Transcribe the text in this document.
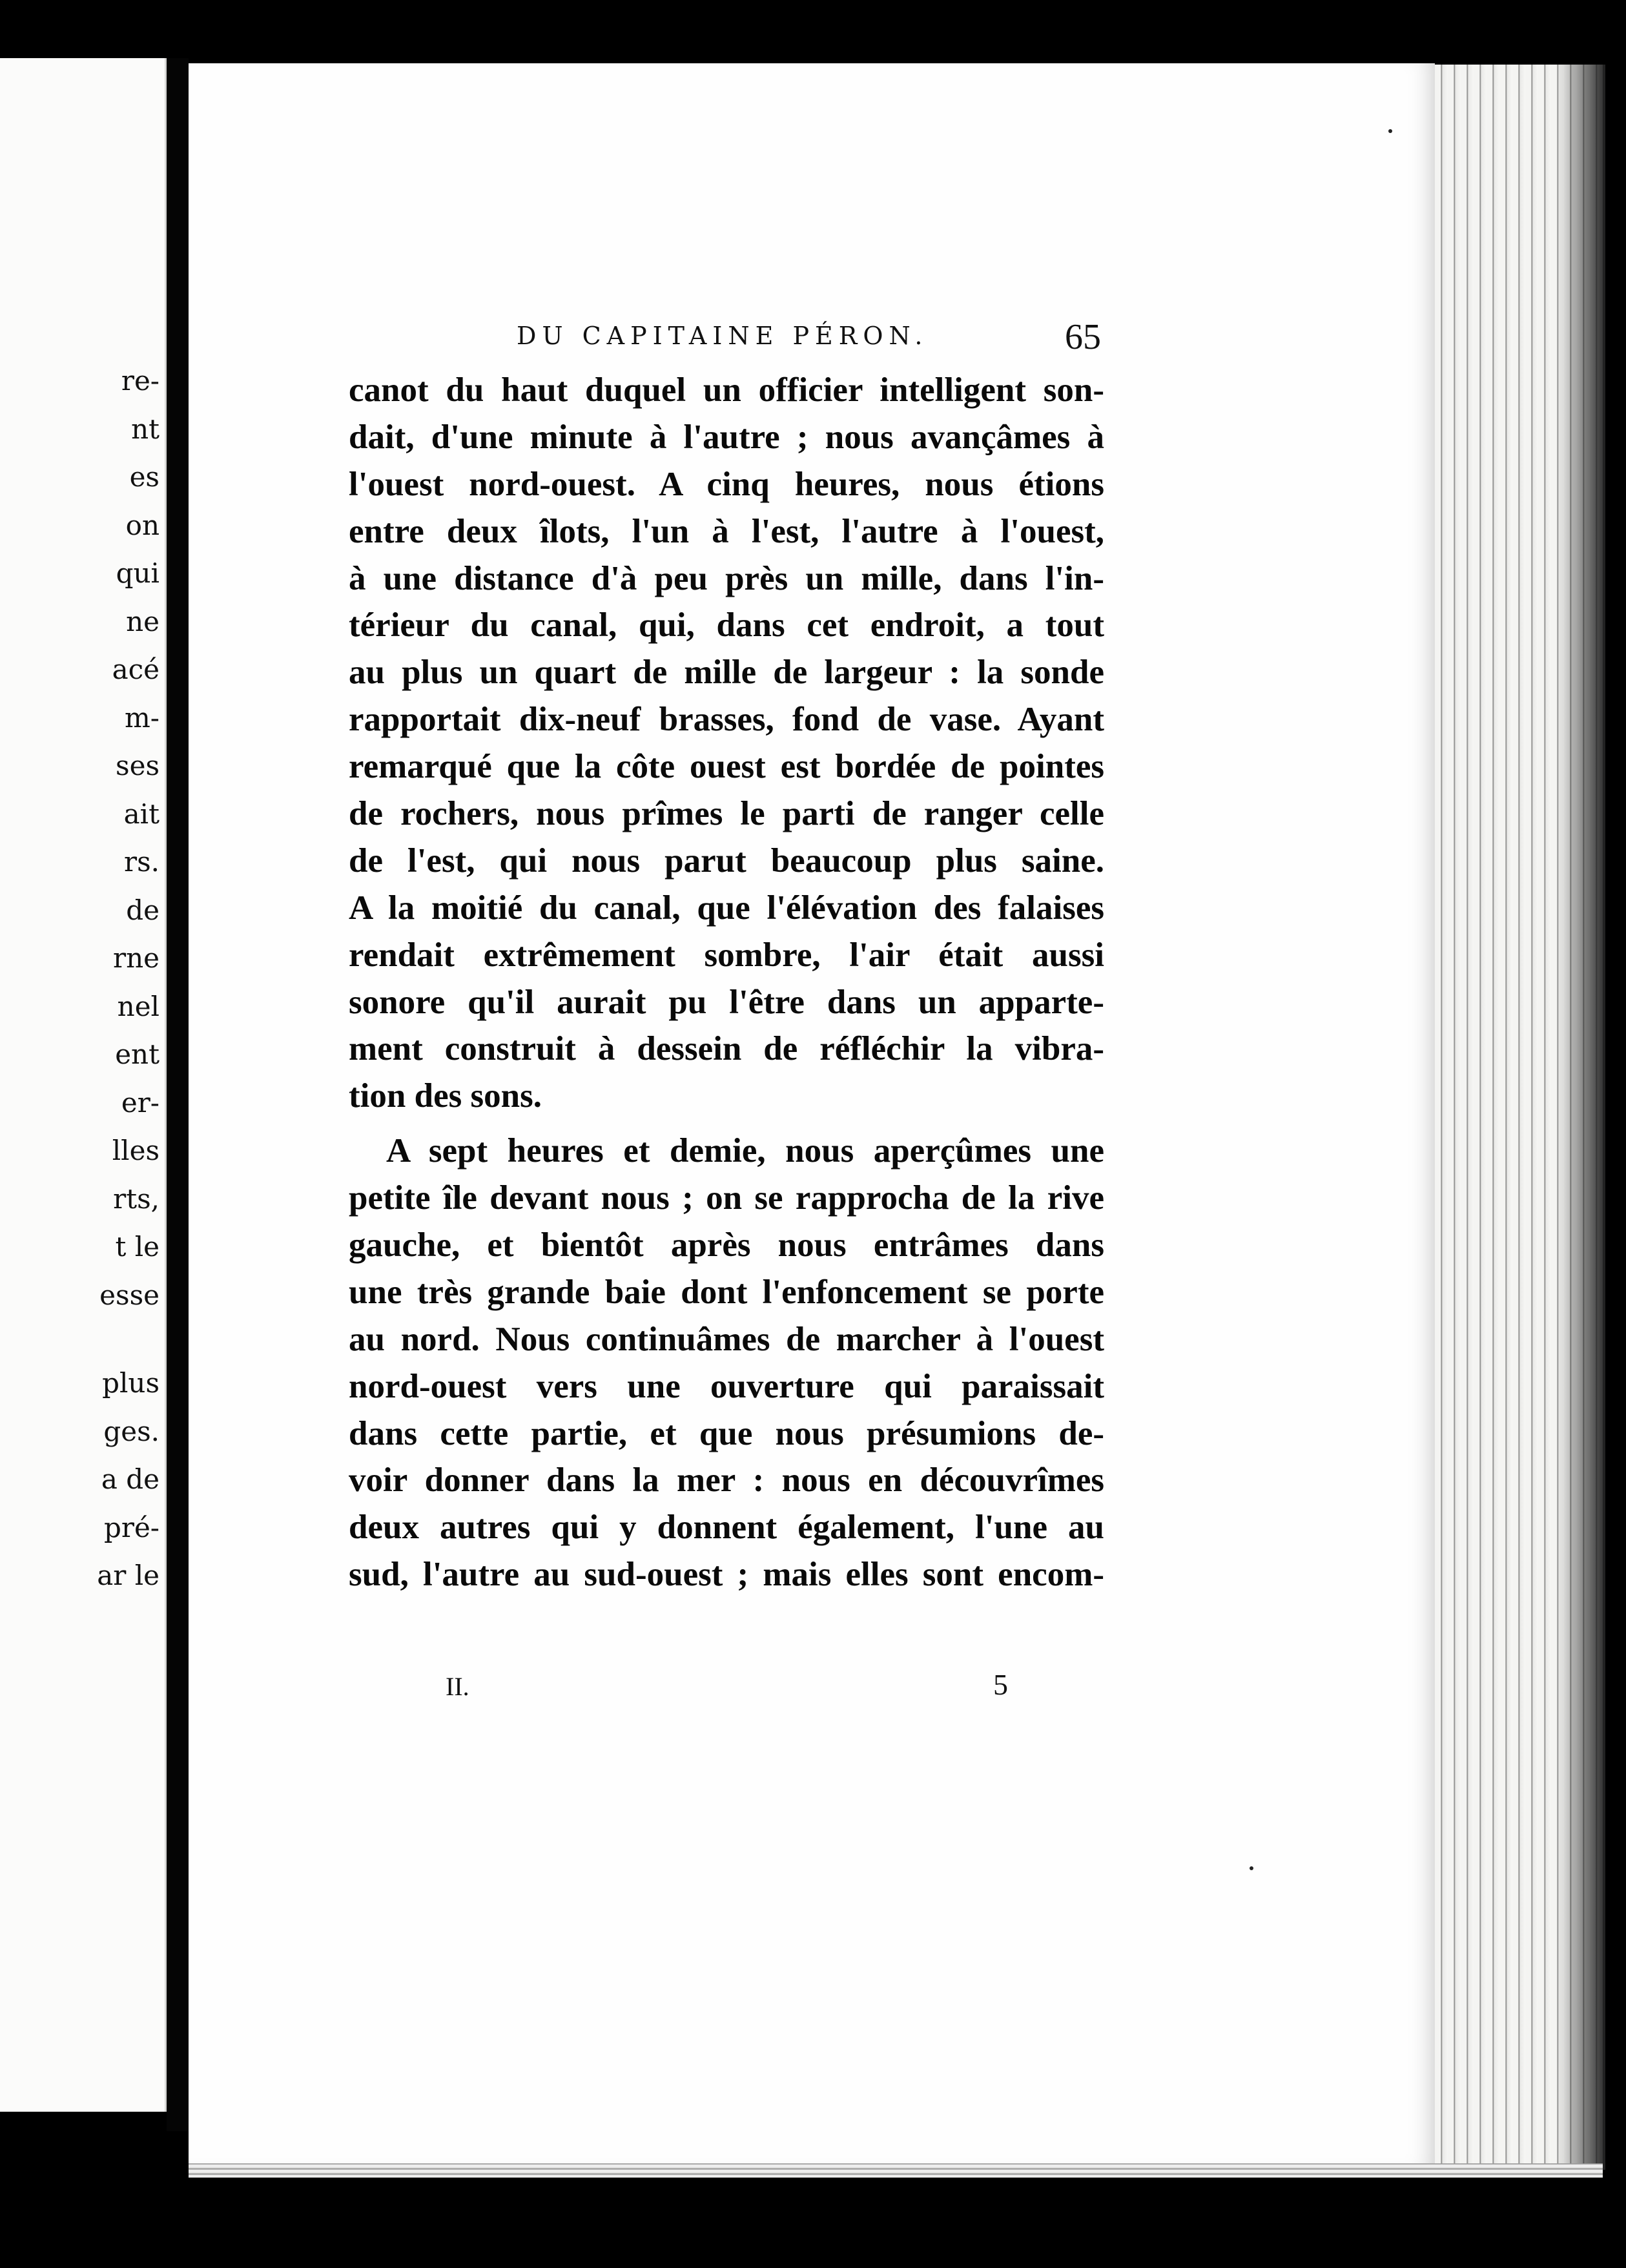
re-
nt
es
on
qui
ne
acé
m-
ses
ait
rs.
de
rne
nel
ent
er-
lles
rts,
t le
esse
plus
ges.
a de
pré-
ar le
DU CAPITAINE PÉRON.	65
canot du haut duquel un officier intelligent son-
dait, d'une minute à l'autre ; nous avançâmes à
l'ouest nord-ouest. A cinq heures, nous étions
entre deux îlots, l'un à l'est, l'autre à l'ouest,
à une distance d'à peu près un mille, dans l'in-
térieur du canal, qui, dans cet endroit, a tout
au plus un quart de mille de largeur : la sonde
rapportait dix-neuf brasses, fond de vase. Ayant
remarqué que la côte ouest est bordée de pointes
de rochers, nous prîmes le parti de ranger celle
de l'est, qui nous parut beaucoup plus saine.
A la moitié du canal, que l'élévation des falaises
rendait extrêmement sombre, l'air était aussi
sonore qu'il aurait pu l'être dans un apparte-
ment construit à dessein de réfléchir la vibra-
tion des sons.
A sept heures et demie, nous aperçûmes une
petite île devant nous ; on se rapprocha de la rive
gauche, et bientôt après nous entrâmes dans
une très grande baie dont l'enfoncement se porte
au nord. Nous continuâmes de marcher à l'ouest
nord-ouest vers une ouverture qui paraissait
dans cette partie, et que nous présumions de-
voir donner dans la mer : nous en découvrîmes
deux autres qui y donnent également, l'une au
sud, l'autre au sud-ouest ; mais elles sont encom-
II.	5
